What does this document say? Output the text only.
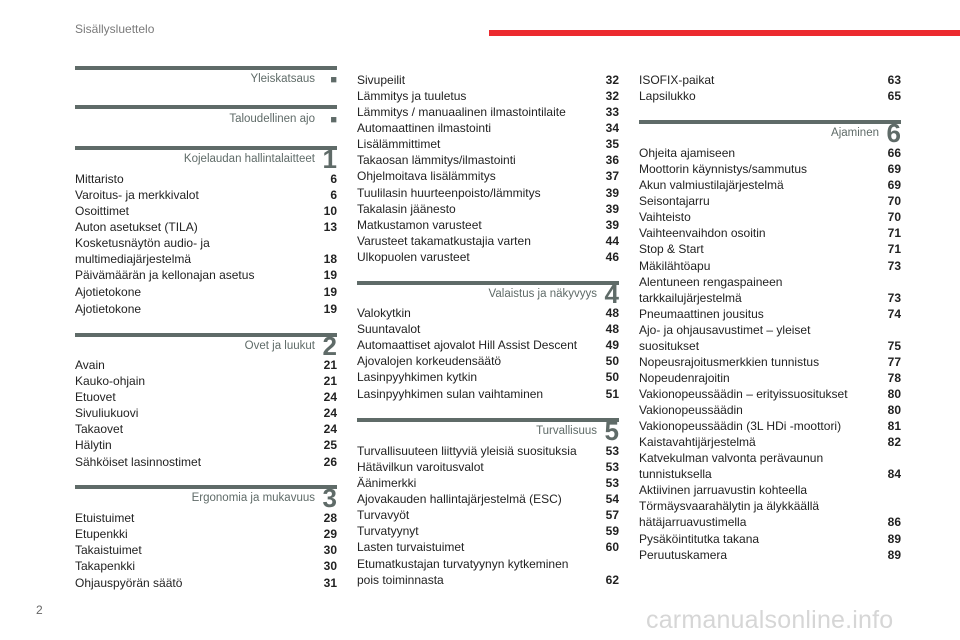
Sisällysluettelo
Yleiskatsaus ■
Taloudellinen ajo ■
Kojelaudan hallintalaitteet 1
Ovet ja luukut 2
Ergonomia ja mukavuus 3
Mittaristo	6
Varoitus- ja merkkivalot	6
Osoittimet	10
Auton asetukset (TILA)	13
Kosketusnäytön audio- ja
multimediajärjestelmä	18
Päivämäärän ja kellonajan asetus	19
Ajotietokone	19
Ajotietokone	19
Avain	21
Kauko-ohjain	21
Etuovet	24
Sivuliukuovi	24
Takaovet	24
Hälytin	25
Sähköiset lasinnostimet	26
Etuistuimet	28
Etupenkki	29
Takaistuimet	30
Takapenkki	30
Ohjauspyörän säätö	31
Sivupeilit	32
Lämmitys ja tuuletus	32
Lämmitys / manuaalinen ilmastointilaite	33
Automaattinen ilmastointi	34
Lisälämmittimet	35
Takaosan lämmitys/ilmastointi	36
Ohjelmoitava lisälämmitys	37
Tuulilasin huurteenpoisto/lämmitys	39
Takalasin jäänesto	39
Matkustamon varusteet	39
Varusteet takamatkustajia varten	44
Ulkopuolen varusteet	46
Valaistus ja näkyvyys 4
Valokytkin	48
Suuntavalot	48
Automaattiset ajovalot Hill Assist Descent 49
Ajovalojen korkeudensäätö	50
Lasinpyyhkimen kytkin	50
Lasinpyyhkimen sulan vaihtaminen	51
Turvallisuus 5
Turvallisuuteen liittyviä yleisiä suosituksia 53
Hätävilkun varoitusvalot	53
Äänimerkki	53
Ajovakauden hallintajärjestelmä (ESC)	54
Turvavyöt	57
Turvatyynyt	59
Lasten turvaistuimet	60
Etumatkustajan turvatyynyn kytkeminen
pois toiminnasta	62
ISOFIX-paikat	63
Lapsilukko	65
Ajaminen 6
Ohjeita ajamiseen	66
Moottorin käynnistys/sammutus	69
Akun valmiustilajärjestelmä	69
Seisontajarru	70
Vaihteisto	70
Vaihteenvaihdon osoitin	71
Stop & Start	71
Mäkilähtöapu	73
Alentuneen rengaspaineen
tarkkailujärjestelmä	73
Pneumaattinen jousitus	74
Ajo- ja ohjausavustimet – yleiset
suositukset	75
Nopeusrajoitusmerkkien tunnistus	77
Nopeudenrajoitin	78
Vakionopeussäädin – erityissuositukset	80
Vakionopeussäädin	80
Vakionopeussäädin (3L HDi -moottori)	81
Kaistavahtijärjestelmä	82
Katvekulman valvonta perävaunun
tunnistuksella	84
Aktiivinen jarruavustin kohteella
Törmäysvaarahälytin ja älykkäällä
hätäjarruavustimella	86
Pysäköintitutka takana	89
Peruutuskamera	89
2	carmanualsonline.info
